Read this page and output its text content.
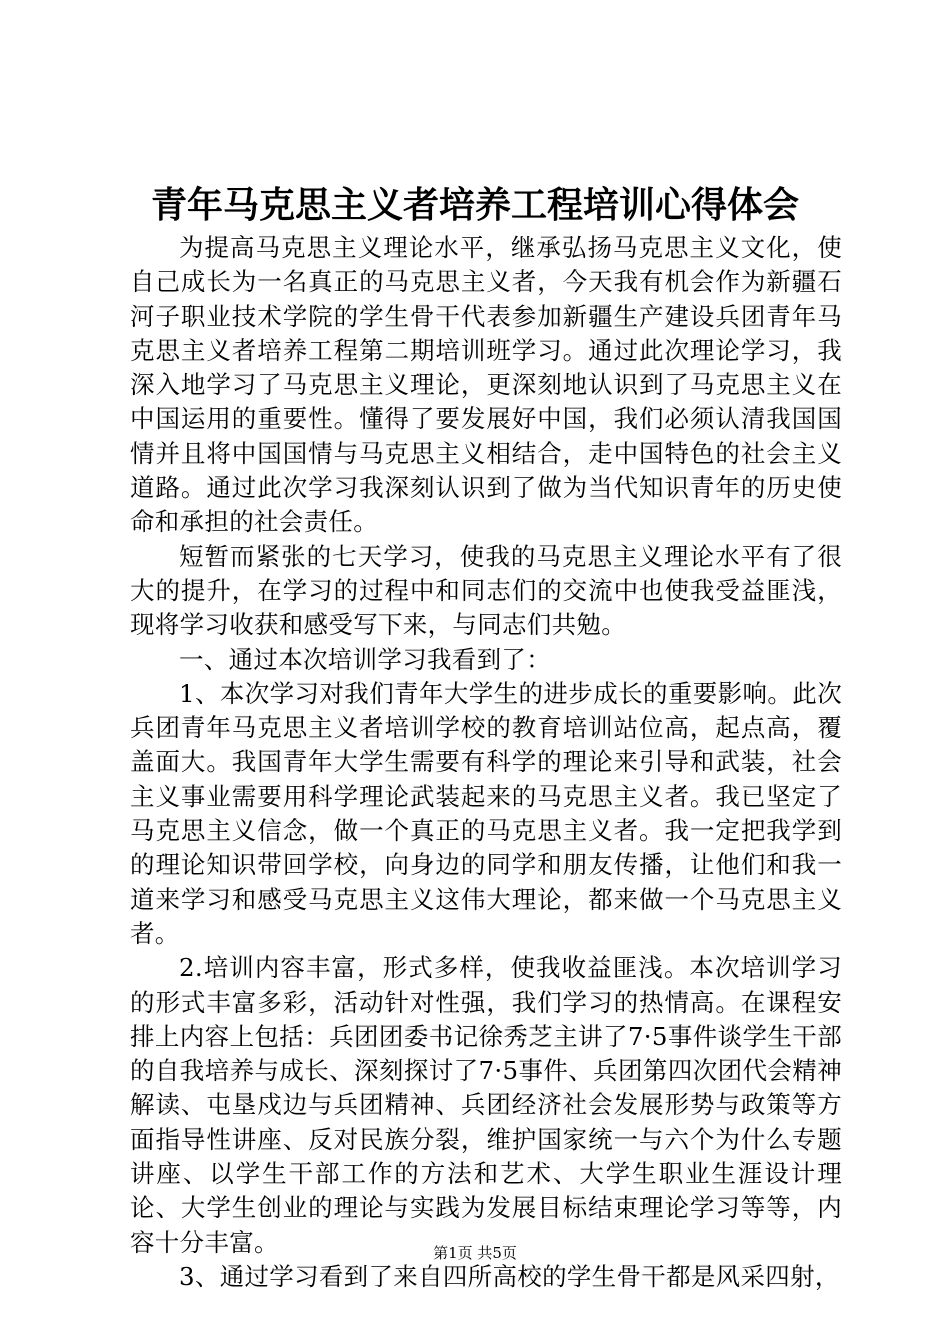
青年马克思主义者培养工程培训心得体会

为提高马克思主义理论水平，继承弘扬马克思主义文化，使自己成长为一名真正的马克思主义者，今天我有机会作为新疆石河子职业技术学院的学生骨干代表参加新疆生产建设兵团青年马克思主义者培养工程第二期培训班学习。通过此次理论学习，我深入地学习了马克思主义理论，更深刻地认识到了马克思主义在中国运用的重要性。懂得了要发展好中国，我们必须认清我国国情并且将中国国情与马克思主义相结合，走中国特色的社会主义道路。通过此次学习我深刻认识到了做为当代知识青年的历史使命和承担的社会责任。

短暂而紧张的七天学习，使我的马克思主义理论水平有了很大的提升，在学习的过程中和同志们的交流中也使我受益匪浅，现将学习收获和感受写下来，与同志们共勉。

一、通过本次培训学习我看到了：

1、本次学习对我们青年大学生的进步成长的重要影响。此次兵团青年马克思主义者培训学校的教育培训站位高，起点高，覆盖面大。我国青年大学生需要有科学的理论来引导和武装，社会主义事业需要用科学理论武装起来的马克思主义者。我已坚定了马克思主义信念，做一个真正的马克思主义者。我一定把我学到的理论知识带回学校，向身边的同学和朋友传播，让他们和我一道来学习和感受马克思主义这伟大理论，都来做一个马克思主义者。

2.培训内容丰富，形式多样，使我收益匪浅。本次培训学习的形式丰富多彩，活动针对性强，我们学习的热情高。在课程安排上内容上包括：兵团团委书记徐秀芝主讲了7·5事件谈学生干部的自我培养与成长、深刻探讨了7·5事件、兵团第四次团代会精神解读、屯垦戍边与兵团精神、兵团经济社会发展形势与政策等方面指导性讲座、反对民族分裂，维护国家统一与六个为什么专题讲座、以学生干部工作的方法和艺术、大学生职业生涯设计理论、大学生创业的理论与实践为发展目标结束理论学习等等，内容十分丰富。

3、通过学习看到了来自四所高校的学生骨干都是风采四射，

第1页 共5页
